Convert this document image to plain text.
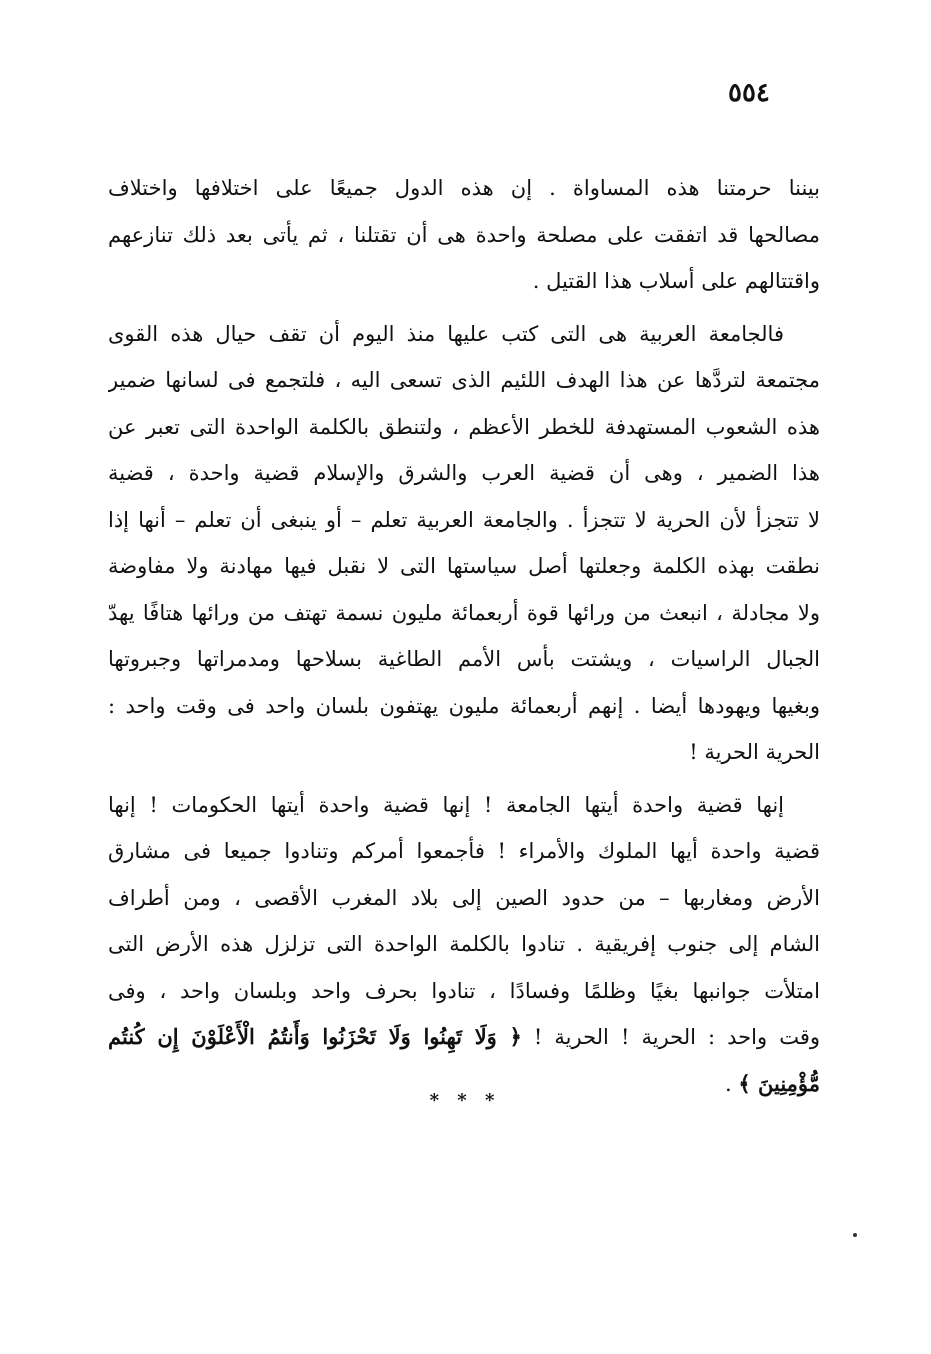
٥٥٤
بيننا حرمتنا هذه المساواة . إن هذه الدول جميعًا على اختلافها واختلاف
مصالحها قد اتفقت على مصلحة واحدة هى أن تقتلنا ، ثم يأتى بعد ذلك تنازعهم
واقتتالهم على أسلاب هذا القتيل .
فالجامعة العربية هى التى كتب عليها منذ اليوم أن تقف حيال هذه القوى
مجتمعة لتردَّها عن هذا الهدف اللئيم الذى تسعى اليه ، فلتجمع فى لسانها ضمير
هذه الشعوب المستهدفة للخطر الأعظم ، ولتنطق بالكلمة الواحدة التى تعبر عن
هذا الضمير ، وهى أن قضية العرب والشرق والإسلام قضية واحدة ، قضية
لا تتجزأ لأن الحرية لا تتجزأ . والجامعة العربية تعلم – أو ينبغى أن تعلم – أنها إذا
نطقت بهذه الكلمة وجعلتها أصل سياستها التى لا نقبل فيها مهادنة ولا مفاوضة
ولا مجادلة ، انبعث من ورائها قوة أربعمائة مليون نسمة تهتف من ورائها هتافًا يهدّ
الجبال الراسيات ، ويشتت بأس الأمم الطاغية بسلاحها ومدمراتها وجبروتها
وبغيها ويهودها أيضا . إنهم أربعمائة مليون يهتفون بلسان واحد فى وقت واحد :
الحرية الحرية !
إنها قضية واحدة أيتها الجامعة ! إنها قضية واحدة أيتها الحكومات ! إنها
قضية واحدة أيها الملوك والأمراء ! فأجمعوا أمركم وتنادوا جميعا فى مشارق
الأرض ومغاربها – من حدود الصين إلى بلاد المغرب الأقصى ، ومن أطراف
الشام إلى جنوب إفريقية . تنادوا بالكلمة الواحدة التى تزلزل هذه الأرض التى
امتلأت جوانبها بغيًا وظلمًا وفسادًا ، تنادوا بحرف واحد وبلسان واحد ، وفى
وقت واحد : الحرية ! الحرية ! ﴿ وَلَا تَهِنُوا وَلَا تَحْزَنُوا وَأَنتُمُ الْأَعْلَوْنَ إِن كُنتُم
مُّؤْمِنِينَ ﴾ .
* * *
